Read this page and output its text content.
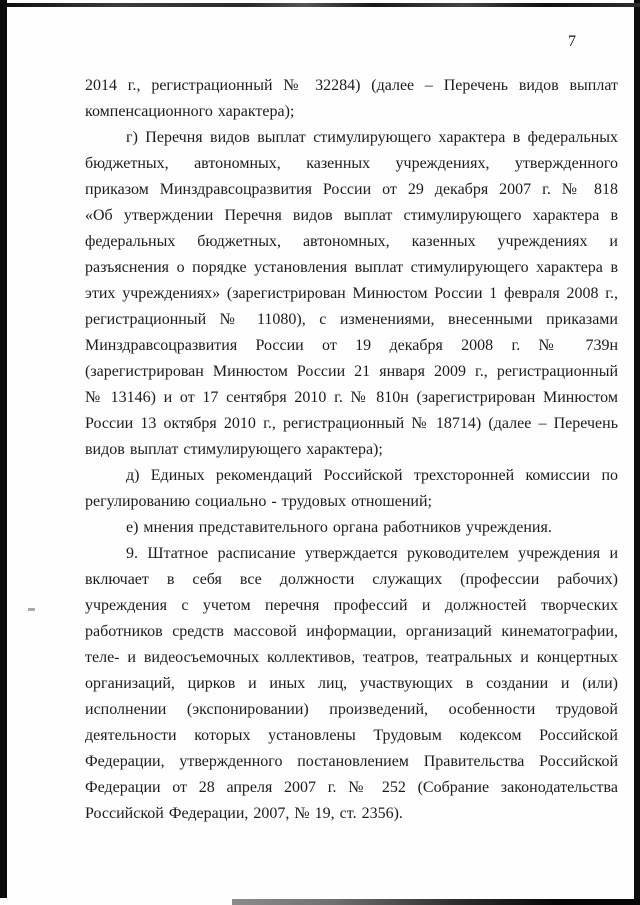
7
2014 г., регистрационный № 32284) (далее – Перечень видов выплат
компенсационного характера);
г) Перечня видов выплат стимулирующего характера в федеральных
бюджетных, автономных, казенных учреждениях, утвержденного
приказом Минздравсоцразвития России от 29 декабря 2007 г. № 818
«Об утверждении Перечня видов выплат стимулирующего характера в
федеральных бюджетных, автономных, казенных учреждениях и
разъяснения о порядке установления выплат стимулирующего характера в
этих учреждениях» (зарегистрирован Минюстом России 1 февраля 2008 г.,
регистрационный № 11080), с изменениями, внесенными приказами
Минздравсоцразвития России от 19 декабря 2008 г. № 739н
(зарегистрирован Минюстом России 21 января 2009 г., регистрационный
№ 13146) и от 17 сентября 2010 г. № 810н (зарегистрирован Минюстом
России 13 октября 2010 г., регистрационный № 18714) (далее – Перечень
видов выплат стимулирующего характера);
д) Единых рекомендаций Российской трехсторонней комиссии по
регулированию социально - трудовых отношений;
е) мнения представительного органа работников учреждения.
9. Штатное расписание утверждается руководителем учреждения и
включает в себя все должности служащих (профессии рабочих)
учреждения с учетом перечня профессий и должностей творческих
работников средств массовой информации, организаций кинематографии,
теле- и видеосъемочных коллективов, театров, театральных и концертных
организаций, цирков и иных лиц, участвующих в создании и (или)
исполнении (экспонировании) произведений, особенности трудовой
деятельности которых установлены Трудовым кодексом Российской
Федерации, утвержденного постановлением Правительства Российской
Федерации от 28 апреля 2007 г. № 252 (Собрание законодательства
Российской Федерации, 2007, № 19, ст. 2356).
